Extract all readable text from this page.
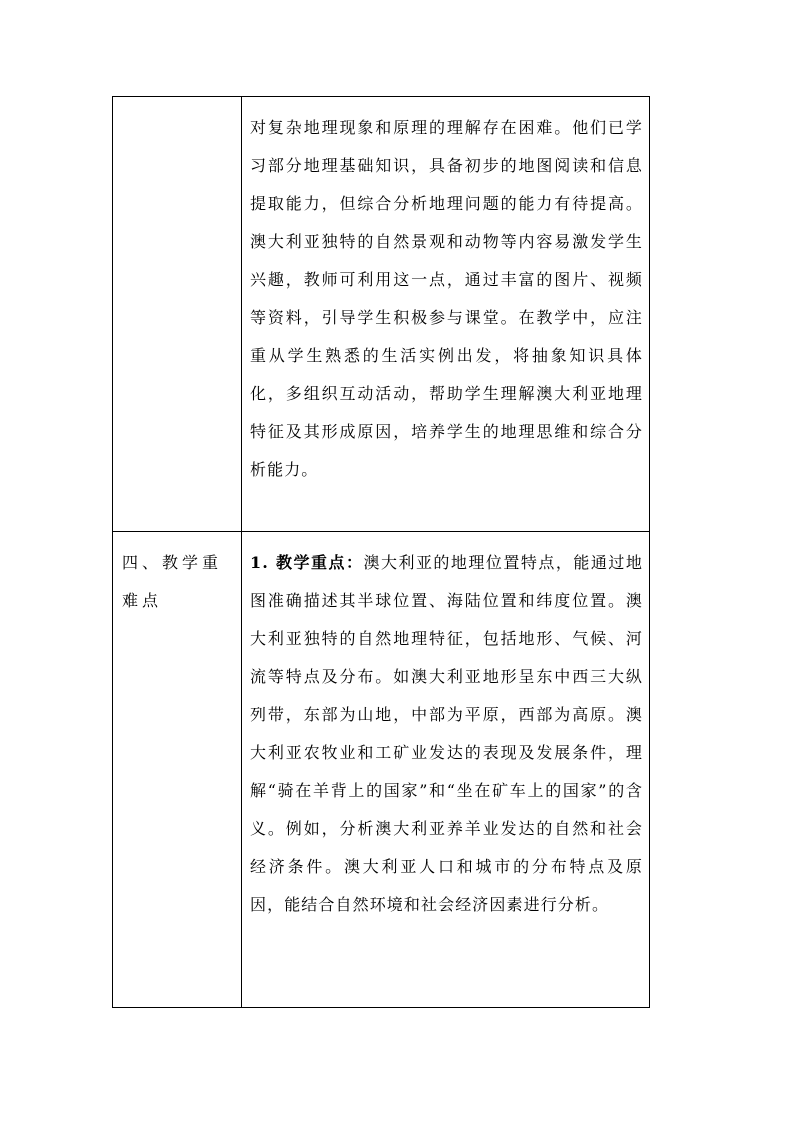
	对复杂地理现象和原理的理解存在困难。他们已学习部分地理基础知识，具备初步的地图阅读和信息提取能力，但综合分析地理问题的能力有待提高。澳大利亚独特的自然景观和动物等内容易激发学生兴趣，教师可利用这一点，通过丰富的图片、视频等资料，引导学生积极参与课堂。在教学中，应注重从学生熟悉的生活实例出发，将抽象知识具体化，多组织互动活动，帮助学生理解澳大利亚地理特征及其形成原因，培养学生的地理思维和综合分析能力。

四、教学重难点	1. 教学重点：澳大利亚的地理位置特点，能通过地图准确描述其半球位置、海陆位置和纬度位置。澳大利亚独特的自然地理特征，包括地形、气候、河流等特点及分布。如澳大利亚地形呈东中西三大纵列带，东部为山地，中部为平原，西部为高原。澳大利亚农牧业和工矿业发达的表现及发展条件，理解“骑在羊背上的国家”和“坐在矿车上的国家”的含义。例如，分析澳大利亚养羊业发达的自然和社会经济条件。澳大利亚人口和城市的分布特点及原因，能结合自然环境和社会经济因素进行分析。
